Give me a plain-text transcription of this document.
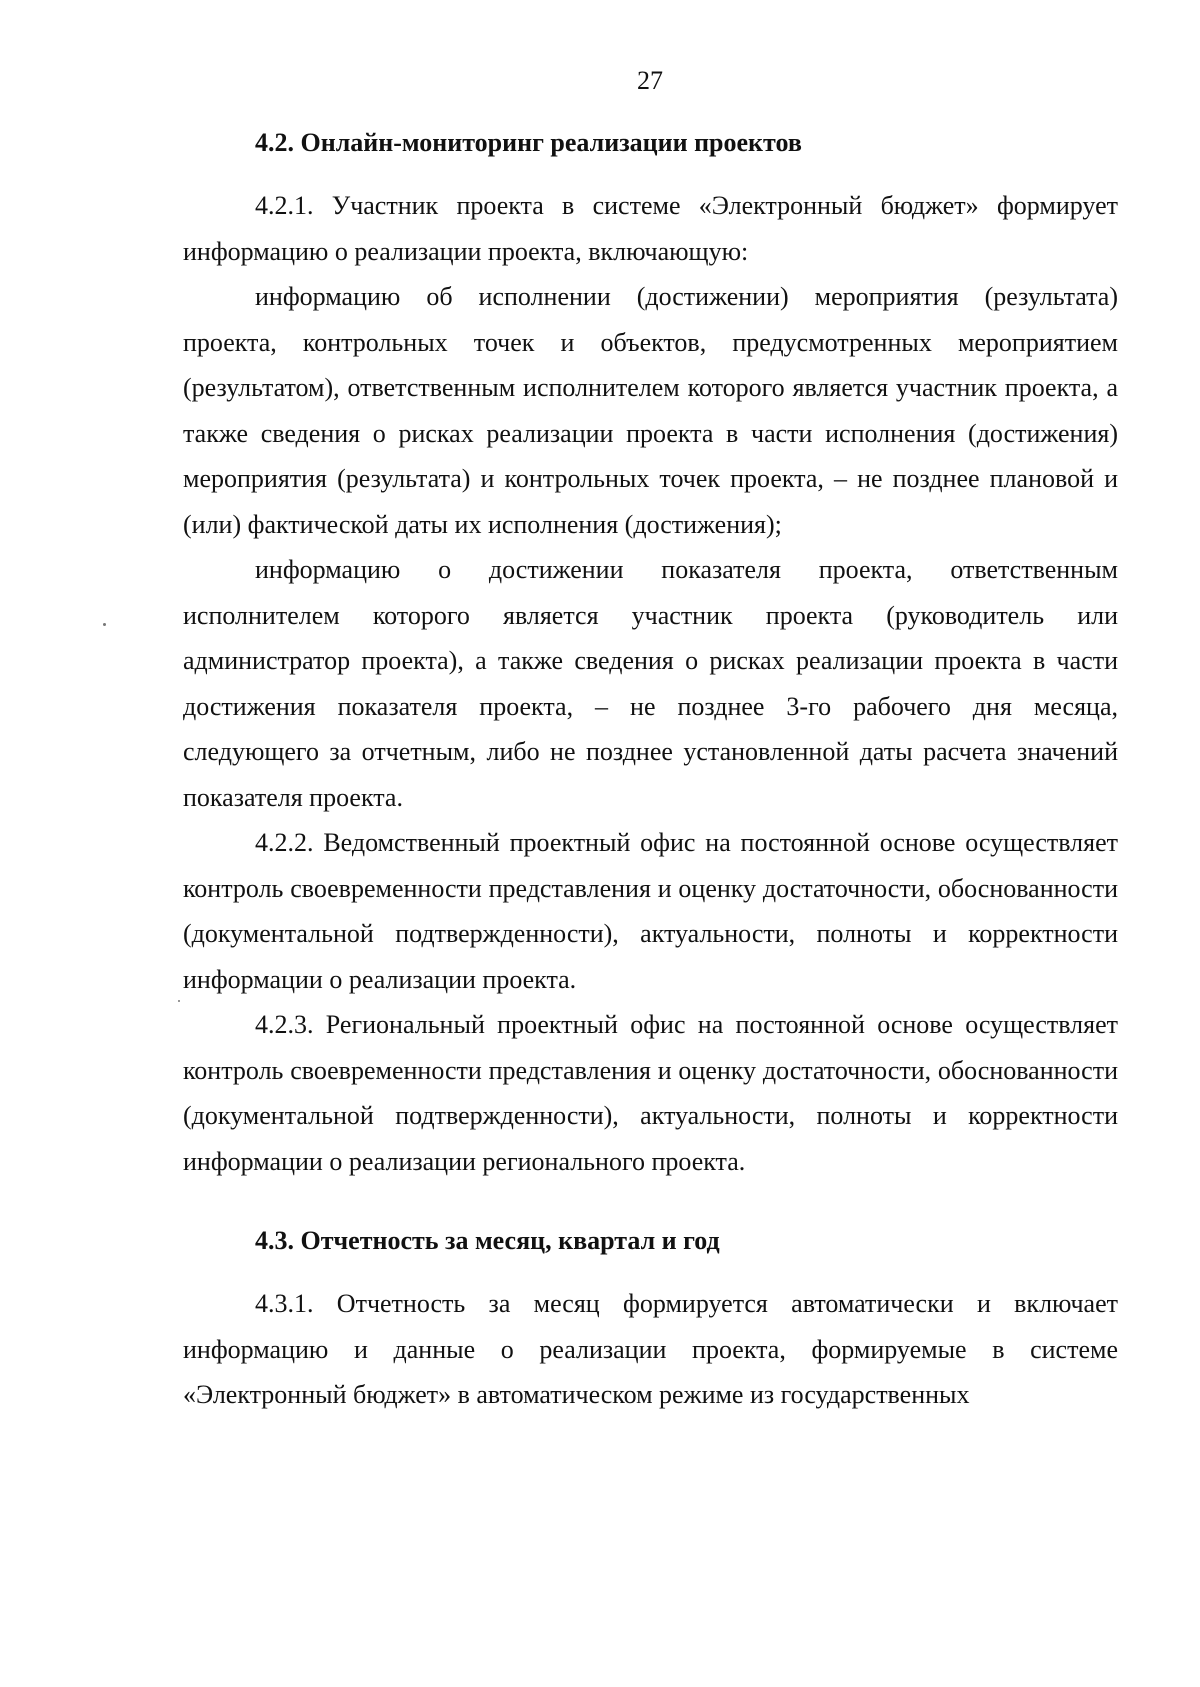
27

4.2. Онлайн-мониторинг реализации проектов

4.2.1. Участник проекта в системе «Электронный бюджет» формирует информацию о реализации проекта, включающую:

информацию об исполнении (достижении) мероприятия (результата) проекта, контрольных точек и объектов, предусмотренных мероприятием (результатом), ответственным исполнителем которого является участник проекта, а также сведения о рисках реализации проекта в части исполнения (достижения) мероприятия (результата) и контрольных точек проекта, – не позднее плановой и (или) фактической даты их исполнения (достижения);

информацию о достижении показателя проекта, ответственным исполнителем которого является участник проекта (руководитель или администратор проекта), а также сведения о рисках реализации проекта в части достижения показателя проекта, – не позднее 3-го рабочего дня месяца, следующего за отчетным, либо не позднее установленной даты расчета значений показателя проекта.

4.2.2. Ведомственный проектный офис на постоянной основе осуществляет контроль своевременности представления и оценку достаточности, обоснованности (документальной подтвержденности), актуальности, полноты и корректности информации о реализации проекта.

4.2.3. Региональный проектный офис на постоянной основе осуществляет контроль своевременности представления и оценку достаточности, обоснованности (документальной подтвержденности), актуальности, полноты и корректности информации о реализации регионального проекта.

4.3. Отчетность за месяц, квартал и год

4.3.1. Отчетность за месяц формируется автоматически и включает информацию и данные о реализации проекта, формируемые в системе «Электронный бюджет» в автоматическом режиме из государственных
